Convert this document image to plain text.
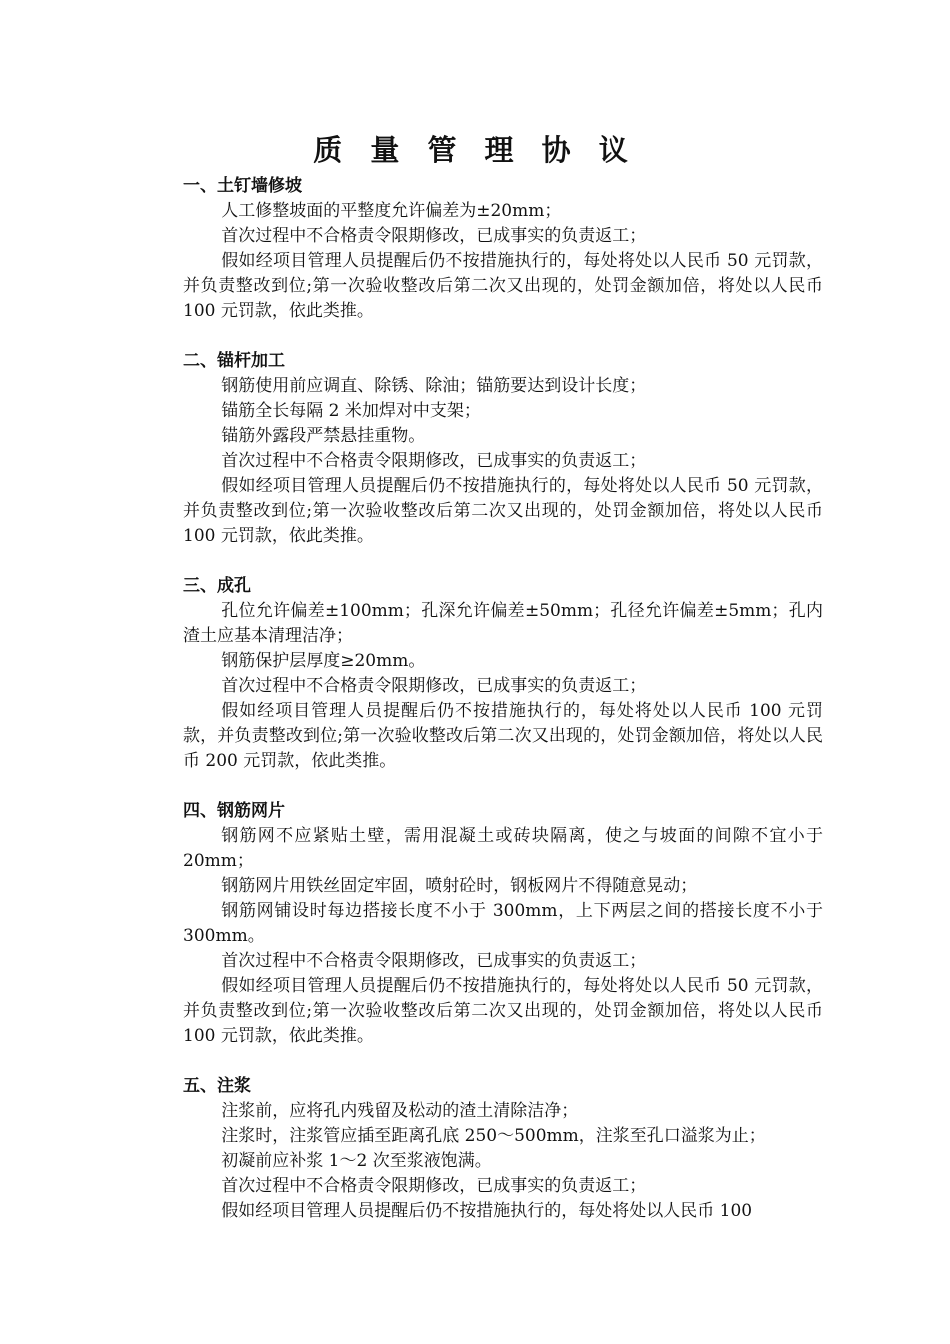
质 量 管 理 协 议
一、土钉墙修坡

人工修整坡面的平整度允许偏差为±20mm；

首次过程中不合格责令限期修改，已成事实的负责返工；

假如经项目管理人员提醒后仍不按措施执行的，每处将处以人民币 50 元罚款，并负责整改到位;第一次验收整改后第二次又出现的，处罚金额加倍，将处以人民币 100 元罚款，依此类推。

二、锚杆加工

钢筋使用前应调直、除锈、除油；锚筋要达到设计长度；

锚筋全长每隔 2 米加焊对中支架；

锚筋外露段严禁悬挂重物。

首次过程中不合格责令限期修改，已成事实的负责返工；

假如经项目管理人员提醒后仍不按措施执行的，每处将处以人民币 50 元罚款，并负责整改到位;第一次验收整改后第二次又出现的，处罚金额加倍，将处以人民币 100 元罚款，依此类推。

三、成孔

孔位允许偏差±100mm；孔深允许偏差±50mm；孔径允许偏差±5mm；孔内渣土应基本清理洁净；

钢筋保护层厚度≥20mm。

首次过程中不合格责令限期修改，已成事实的负责返工；

假如经项目管理人员提醒后仍不按措施执行的，每处将处以人民币 100 元罚款，并负责整改到位;第一次验收整改后第二次又出现的，处罚金额加倍，将处以人民币 200 元罚款，依此类推。

四、钢筋网片

钢筋网不应紧贴土壁，需用混凝土或砖块隔离，使之与坡面的间隙不宜小于 20mm；

钢筋网片用铁丝固定牢固，喷射砼时，钢板网片不得随意晃动；

钢筋网铺设时每边搭接长度不小于 300mm，上下两层之间的搭接长度不小于 300mm。

首次过程中不合格责令限期修改，已成事实的负责返工；

假如经项目管理人员提醒后仍不按措施执行的，每处将处以人民币 50 元罚款，并负责整改到位;第一次验收整改后第二次又出现的，处罚金额加倍，将处以人民币 100 元罚款，依此类推。

五、注浆

注浆前，应将孔内残留及松动的渣土清除洁净；

注浆时，注浆管应插至距离孔底 250～500mm，注浆至孔口溢浆为止；

初凝前应补浆 1～2 次至浆液饱满。

首次过程中不合格责令限期修改，已成事实的负责返工；

假如经项目管理人员提醒后仍不按措施执行的，每处将处以人民币 100
